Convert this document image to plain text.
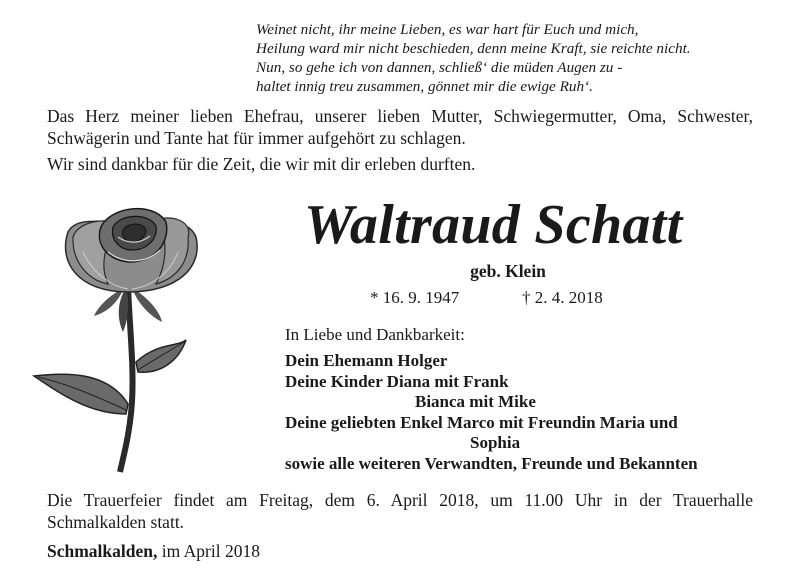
Weinet nicht, ihr meine Lieben, es war hart für Euch und mich,
Heilung ward mir nicht beschieden, denn meine Kraft, sie reichte nicht.
Nun, so gehe ich von dannen, schließ‘ die müden Augen zu -
haltet innig treu zusammen, gönnet mir die ewige Ruh‘.
Das Herz meiner lieben Ehefrau, unserer lieben Mutter, Schwiegermutter, Oma, Schwester, Schwägerin und Tante hat für immer aufgehört zu schlagen.
Wir sind dankbar für die Zeit, die wir mit dir erleben durften.
Waltraud Schatt
geb. Klein
* 16. 9. 1947	† 2. 4. 2018
In Liebe und Dankbarkeit:
Dein Ehemann Holger
Deine Kinder Diana mit Frank
Bianca mit Mike
Deine geliebten Enkel Marco mit Freundin Maria und
Sophia
sowie alle weiteren Verwandten, Freunde und Bekannten
Die Trauerfeier findet am Freitag, dem 6. April 2018, um 11.00 Uhr in der Trauerhalle Schmalkalden statt.
Schmalkalden, im April 2018
